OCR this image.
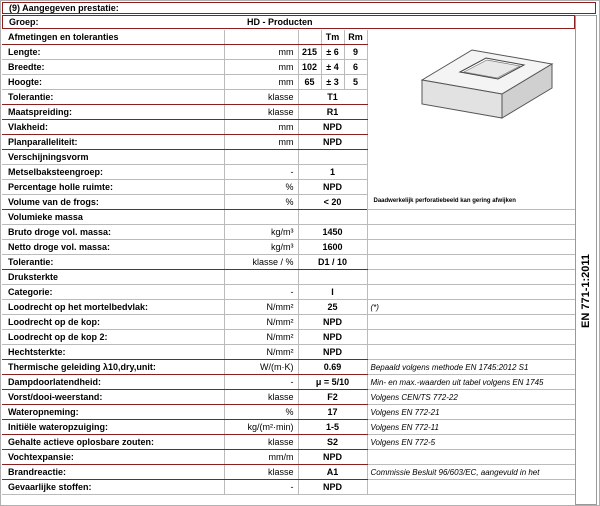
(9) Aangegeven prestatie:
Groep:	HD - Producten
Afmetingen en toleranties			Tm	Rm	Daadwerkelijk perforatiebeeld kan gering afwijken

Lengte:	mm	215	± 6	9	
Breedte:	mm	102	± 4	6	
Hoogte:	mm	65	± 3	5	
Tolerantie:	klasse	T1			
Maatspreiding:	klasse	R1			
Vlakheid:	mm	NPD			
Planparalleliteit:	mm	NPD			
Verschijningsvorm					
Metselbaksteengroep:	-	1			
Percentage holle ruimte:	%	NPD			
Volume van de frogs:	%	< 20			
Volumieke massa					
Bruto droge vol. massa:	kg/m³	1450			
Netto droge vol. massa:	kg/m³	1600			
Tolerantie:	klasse / %	D1 / 10			
Druksterkte					
Categorie:	-	I			
Loodrecht op het mortelbedvlak:	N/mm²	25			(*)
Loodrecht op de kop:	N/mm²	NPD			
Loodrecht op de kop 2:	N/mm²	NPD			
Hechtsterkte:	N/mm²	NPD			
Thermische geleiding λ10,dry,unit:	W/(m·K)	0.69			Bepaald volgens methode EN 1745:2012 S1
Dampdoorlatendheid:	-	μ = 5/10			Min- en max.-waarden uit tabel volgens EN 1745
Vorst/dooi-weerstand:	klasse	F2			Volgens CEN/TS 772-22
Wateropneming:	%	17			Volgens EN 772-21
Initiële wateropzuiging:	kg/(m²·min)	1-5			Volgens EN 772-11
Gehalte actieve oplosbare zouten:	klasse	S2			Volgens EN 772-5
Vochtexpansie:	mm/m	NPD			
Brandreactie:	klasse	A1			Commissie Besluit 96/603/EC, aangevuld in het
Gevaarlijke stoffen:	-	NPD			
EN 771-1:2011
